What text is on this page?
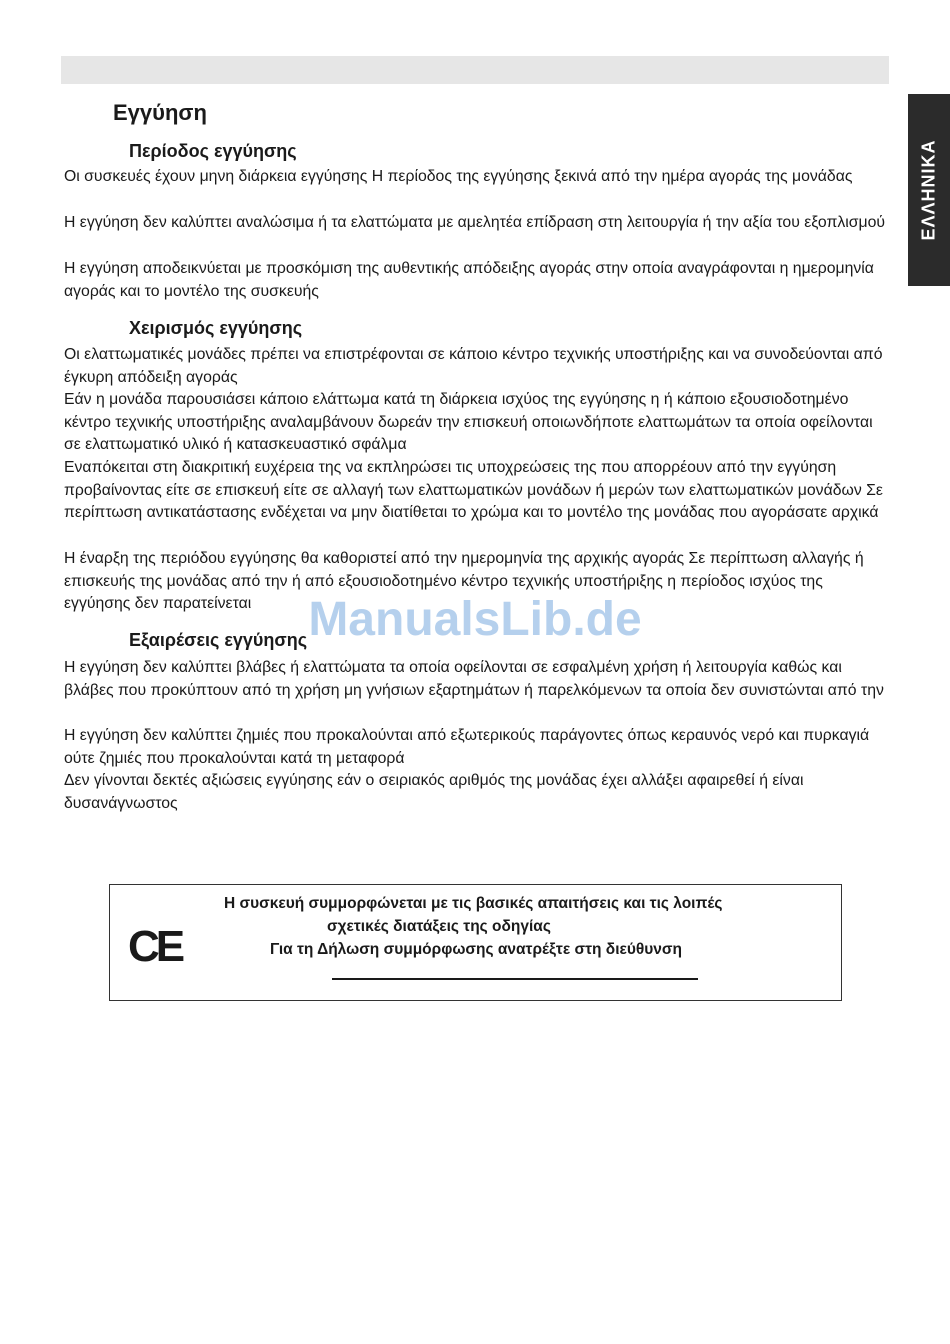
ΕΛΛΗΝΙΚΑ
Εγγύηση
Περίοδος εγγύησης

Οι συσκευές έχουν μηνη διάρκεια εγγύησης Η περίοδος της εγγύησης ξεκινά από την ημέρα αγοράς της μονάδας

Η εγγύηση δεν καλύπτει αναλώσιμα ή τα ελαττώματα με αμελητέα επίδραση στη λειτουργία ή την αξία του εξοπλισμού

Η εγγύηση αποδεικνύεται με προσκόμιση της αυθεντικής απόδειξης αγοράς στην οποία αναγράφονται η ημερομηνία αγοράς και το μοντέλο της συσκευής

Χειρισμός εγγύησης

Οι ελαττωματικές μονάδες πρέπει να επιστρέφονται σε κάποιο κέντρο τεχνικής υποστήριξης και να συνοδεύονται από έγκυρη απόδειξη αγοράς

Εάν η μονάδα παρουσιάσει κάποιο ελάττωμα κατά τη διάρκεια ισχύος της εγγύησης η ή κάποιο εξουσιοδοτημένο κέντρο τεχνικής υποστήριξης αναλαμβάνουν δωρεάν την επισκευή οποιωνδήποτε ελαττωμάτων τα οποία οφείλονται σε ελαττωματικό υλικό ή κατασκευαστικό σφάλμα

Εναπόκειται στη διακριτική ευχέρεια της να εκπληρώσει τις υποχρεώσεις της που απορρέουν από την εγγύηση προβαίνοντας είτε σε επισκευή είτε σε αλλαγή των ελαττωματικών μονάδων ή μερών των ελαττωματικών μονάδων Σε περίπτωση αντικατάστασης ενδέχεται να μην διατίθεται το χρώμα και το μοντέλο της μονάδας που αγοράσατε αρχικά

Η έναρξη της περιόδου εγγύησης θα καθοριστεί από την ημερομηνία της αρχικής αγοράς Σε περίπτωση αλλαγής ή επισκευής της μονάδας από την ή από εξουσιοδοτημένο κέντρο τεχνικής υποστήριξης η περίοδος ισχύος της εγγύησης δεν παρατείνεται

Εξαιρέσεις εγγύησης

Η εγγύηση δεν καλύπτει βλάβες ή ελαττώματα τα οποία οφείλονται σε εσφαλμένη χρήση ή λειτουργία καθώς και βλάβες που προκύπτουν από τη χρήση μη γνήσιων εξαρτημάτων ή παρελκόμενων τα οποία δεν συνιστώνται από την

Η εγγύηση δεν καλύπτει ζημιές που προκαλούνται από εξωτερικούς παράγοντες όπως κεραυνός νερό και πυρκαγιά ούτε ζημιές που προκαλούνται κατά τη μεταφορά

Δεν γίνονται δεκτές αξιώσεις εγγύησης εάν ο σειριακός αριθμός της μονάδας έχει αλλάξει αφαιρεθεί ή είναι δυσανάγνωστος

ManualsLib.de
CE

Η συσκευή συμμορφώνεται με τις βασικές απαιτήσεις και τις λοιπές

σχετικές διατάξεις της οδηγίας

Για τη Δήλωση συμμόρφωσης ανατρέξτε στη διεύθυνση
